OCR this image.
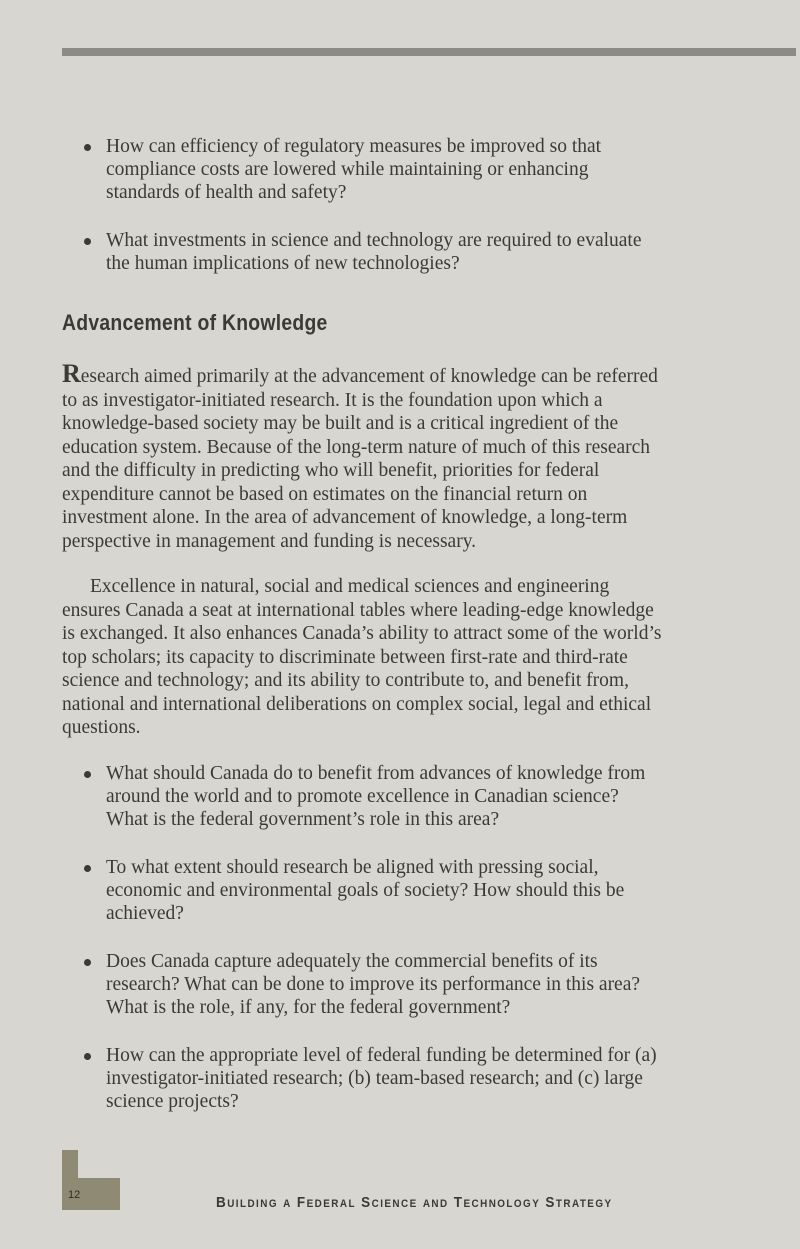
How can efficiency of regulatory measures be improved so that compliance costs are lowered while maintaining or enhancing standards of health and safety?
What investments in science and technology are required to evaluate the human implications of new technologies?
Advancement of Knowledge

Research aimed primarily at the advancement of knowledge can be referred to as investigator-initiated research. It is the foundation upon which a knowledge-based society may be built and is a critical ingredient of the education system. Because of the long-term nature of much of this research and the difficulty in predicting who will benefit, priorities for federal expenditure cannot be based on estimates on the financial return on investment alone. In the area of advancement of knowledge, a long-term perspective in management and funding is necessary.

Excellence in natural, social and medical sciences and engineering ensures Canada a seat at international tables where leading-edge knowledge is exchanged. It also enhances Canada’s ability to attract some of the world’s top scholars; its capacity to discriminate between first-rate and third-rate science and technology; and its ability to contribute to, and benefit from, national and international deliberations on complex social, legal and ethical questions.

What should Canada do to benefit from advances of knowledge from around the world and to promote excellence in Canadian science? What is the federal government’s role in this area?
To what extent should research be aligned with pressing social, economic and environmental goals of society? How should this be achieved?
Does Canada capture adequately the commercial benefits of its research? What can be done to improve its performance in this area? What is the role, if any, for the federal government?
How can the appropriate level of federal funding be determined for (a) investigator-initiated research; (b) team-based research; and (c) large science projects?
12	Building a Federal Science and Technology Strategy
